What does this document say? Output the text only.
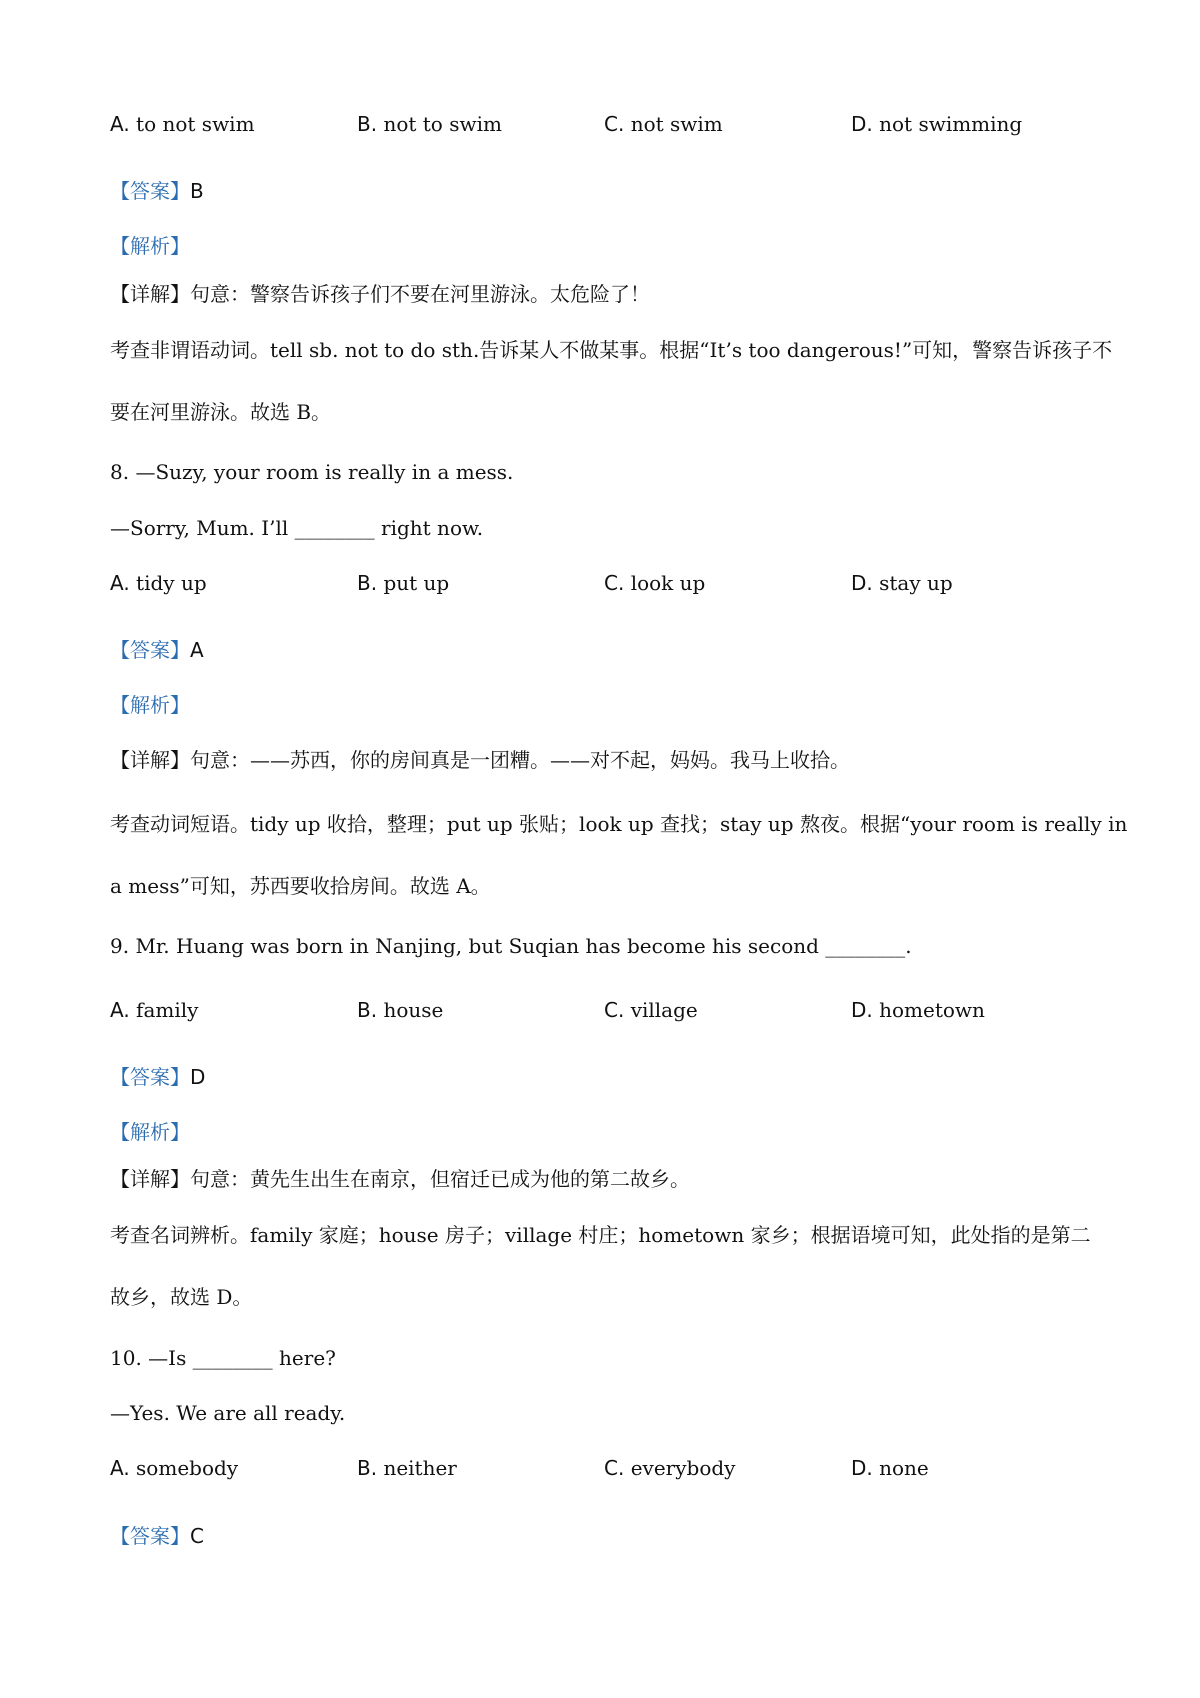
A. to not swim	B. not to swim	C. not swim	D. not swimming
【答案】B
【解析】
【详解】句意：警察告诉孩子们不要在河里游泳。太危险了！
考查非谓语动词。tell sb. not to do sth.告诉某人不做某事。根据“It’s too dangerous!”可知，警察告诉孩子不
要在河里游泳。故选 B。
8. —Suzy, your room is really in a mess.
—Sorry, Mum. I’ll ________ right now.
A. tidy up	B. put up	C. look up	D. stay up
【答案】A
【解析】
【详解】句意：——苏西，你的房间真是一团糟。——对不起，妈妈。我马上收拾。
考查动词短语。tidy up 收拾，整理；put up 张贴；look up 查找；stay up 熬夜。根据“your room is really in
a mess”可知，苏西要收拾房间。故选 A。
9. Mr. Huang was born in Nanjing, but Suqian has become his second ________.
A. family	B. house	C. village	D. hometown
【答案】D
【解析】
【详解】句意：黄先生出生在南京，但宿迁已成为他的第二故乡。
考查名词辨析。family 家庭；house 房子；village 村庄；hometown 家乡；根据语境可知，此处指的是第二
故乡，故选 D。
10. —Is ________ here?
—Yes. We are all ready.
A. somebody	B. neither	C. everybody	D. none
【答案】C
